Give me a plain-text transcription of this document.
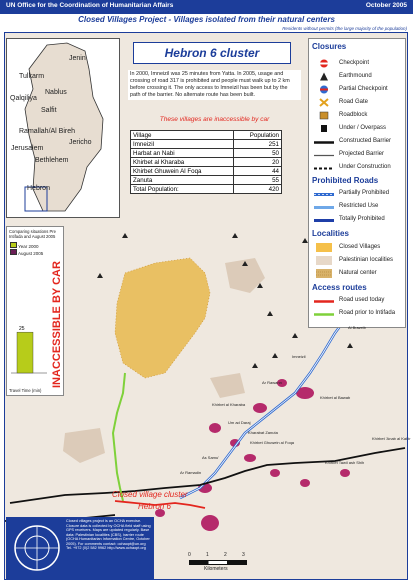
UN Office for the Coordination of Humanitarian Affairs	October 2005
Closed Villages Project - Villages isolated from their natural centers
Residents without permits (the large majority of the population)
Jenin
Tulkarm
Nablus
Qalqiliya
Salfit
Ramallah/Al Bireh
Jericho
Jerusalem
Bethlehem
Hebron
Hebron 6 cluster
In 2000, Imneizil was 25 minutes from Yatta. In 2005, usage and crossing of road 317 is prohibited and people must walk up to 2 km before crossing it. The only access to Imneizil has been but by the path of the barrier. No alternate route has been built.
These villages are inaccessible by car
Village	Population
Imneizil	251
Harbat an Nabi	50
Khirbet al Kharaba	20
Khirbet Ghuwein Al Foqa	44
Zanuta	55
Total Population:	420
Closures
Checkpoint
Earthmound
Partial Checkpoint
Road Gate
Roadblock
Under / Overpass
Constructed Barrier
Projected Barrier
Under Construction
Prohibited Roads
Partially Prohibited
Restricted Use
Totally Prohibited
Localities
Closed Villages
Palestinian localities
Natural center
Access routes
Road used today
Road prior to Intifada
Comparing situations Pre Intifada and August 2005
Year 2000
August 2005
25
Travel Time (min)
INACCESSIBLE BY CAR
Khirbet al Kharaba
Imneizil
Ar Rawahn
As Samu'
Kharabat Zanuta
Khirbet Ghuwein al Foqa
Khirbet al Bawab
Ar Ramadin
Khirbet 'Anab al Kabir
Um ad Daraj
Khirbet Tawil ash Shih
Al Buweib
Closed village cluster
Hebron 6
Closed villages project is an OCHA exercise. Closure data is collected by OCHA field staff using GPS receivers. Maps are updated regularly. Base data: Palestinian localities (CBS), barrier route (OCHA Humanitarian Information Centre, October 2005). For comments contact: ochaopt@un.org Tel. +972 (0)2 582 9962 http://www.ochaopt.org
0	1	2	3
Kilometers
